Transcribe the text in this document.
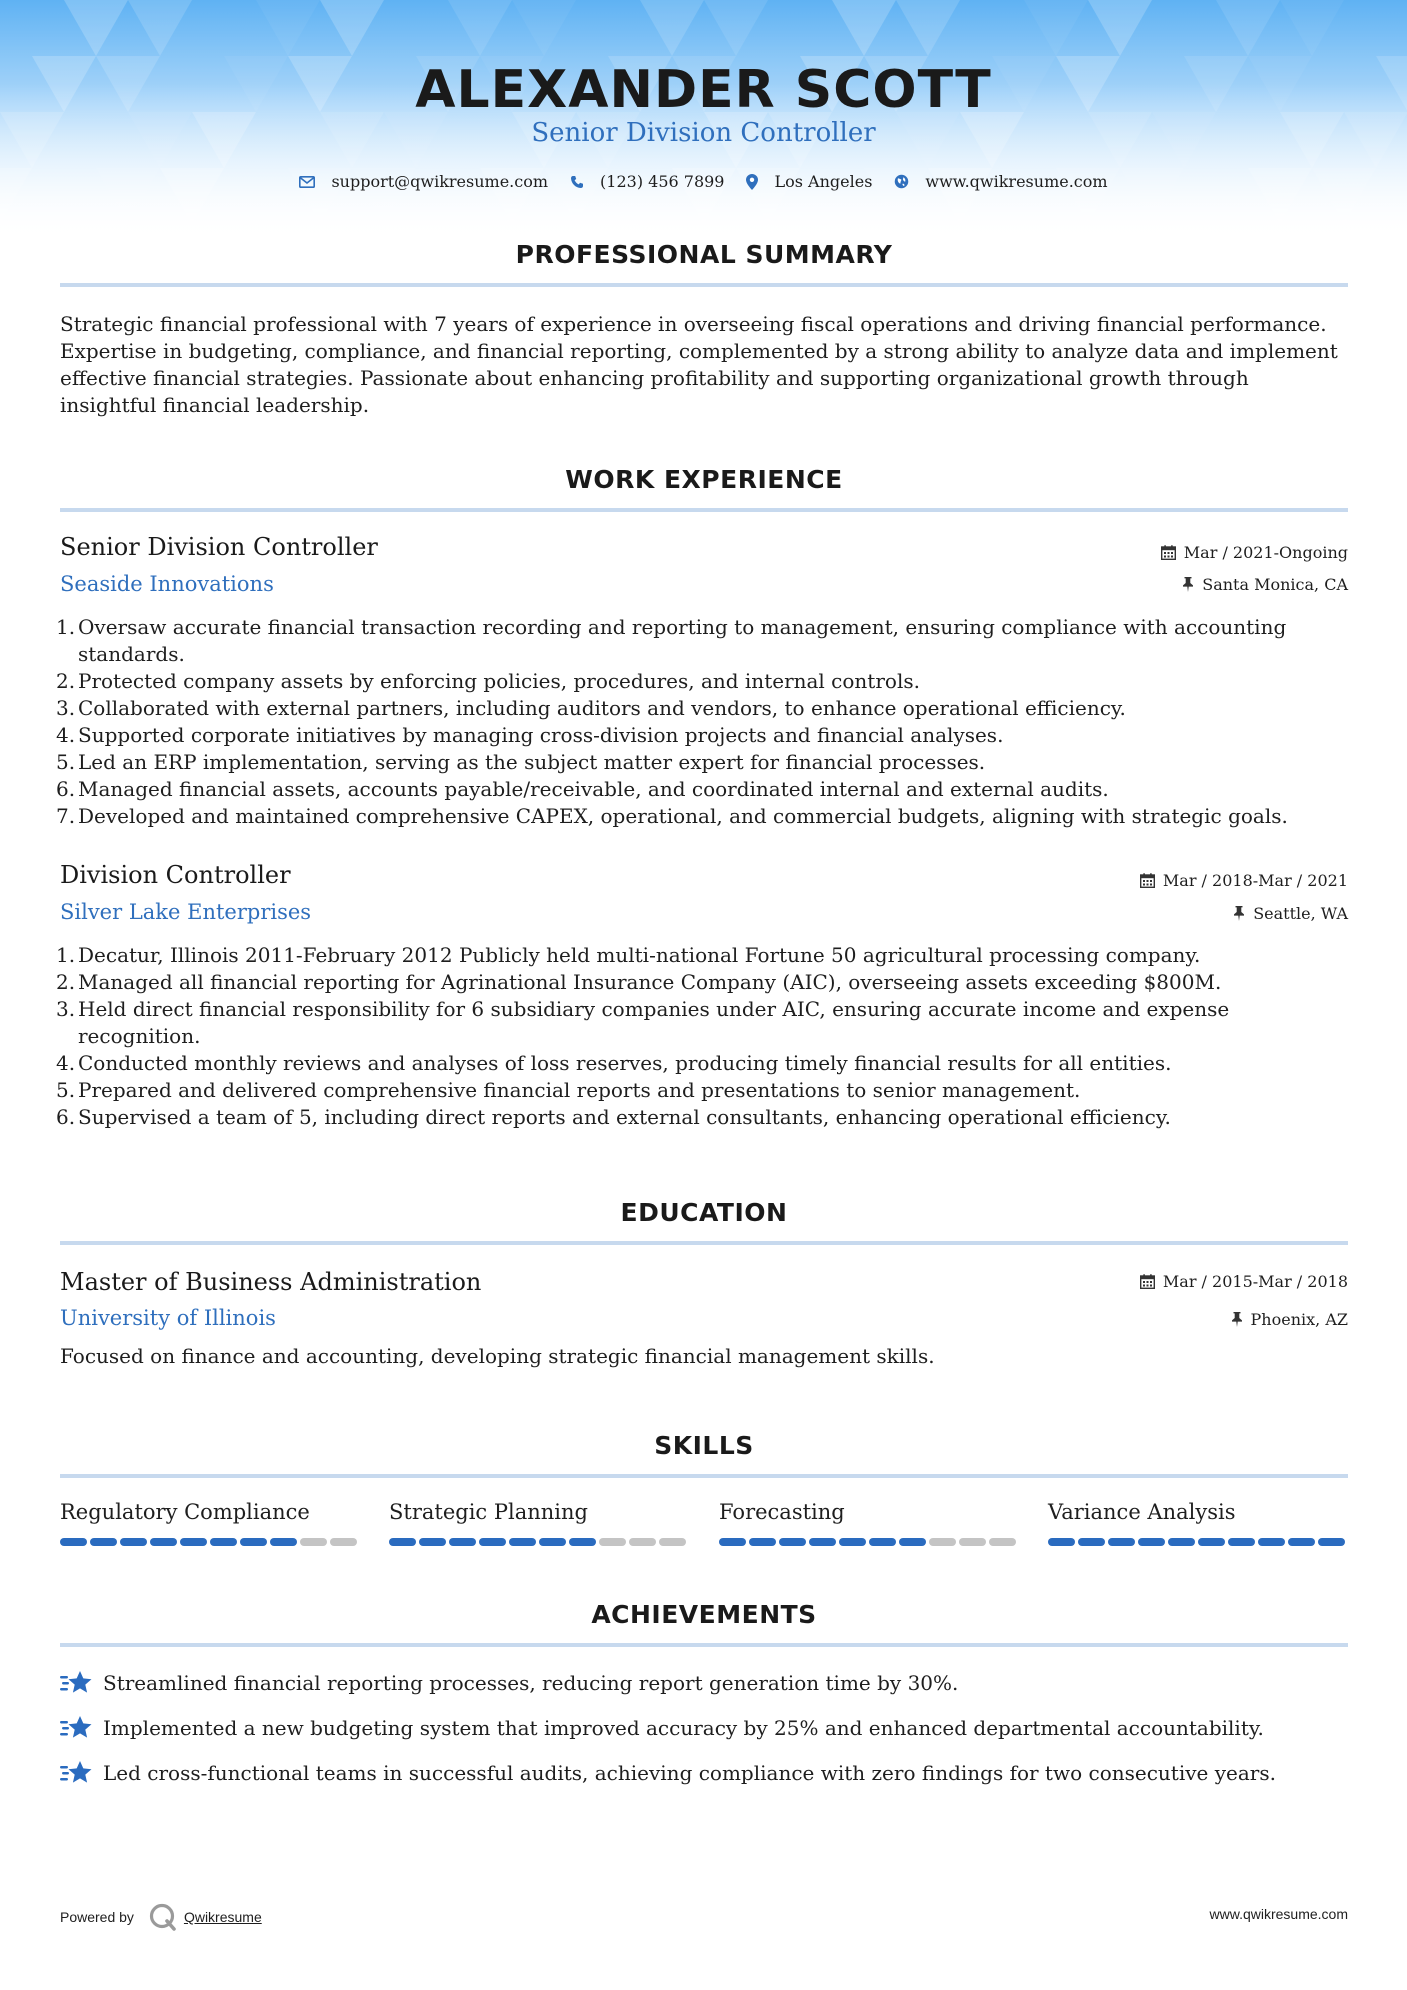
ALEXANDER SCOTT
Senior Division Controller
support@qwikresume.com	(123) 456 7899	Los Angeles	www.qwikresume.com
PROFESSIONAL SUMMARY

Strategic financial professional with 7 years of experience in overseeing fiscal operations and driving financial performance. Expertise in budgeting, compliance, and financial reporting, complemented by a strong ability to analyze data and implement effective financial strategies. Passionate about enhancing profitability and supporting organizational growth through insightful financial leadership.

WORK EXPERIENCE
Senior Division Controller	Mar / 2021-Ongoing
Seaside Innovations	Santa Monica, CA
1. Oversaw accurate financial transaction recording and reporting to management, ensuring compliance with accounting standards.
2. Protected company assets by enforcing policies, procedures, and internal controls.
3. Collaborated with external partners, including auditors and vendors, to enhance operational efficiency.
4. Supported corporate initiatives by managing cross-division projects and financial analyses.
5. Led an ERP implementation, serving as the subject matter expert for financial processes.
6. Managed financial assets, accounts payable/receivable, and coordinated internal and external audits.
7. Developed and maintained comprehensive CAPEX, operational, and commercial budgets, aligning with strategic goals.
Division Controller	Mar / 2018-Mar / 2021
Silver Lake Enterprises	Seattle, WA
1. Decatur, Illinois 2011-February 2012 Publicly held multi-national Fortune 50 agricultural processing company.
2. Managed all financial reporting for Agrinational Insurance Company (AIC), overseeing assets exceeding $800M.
3. Held direct financial responsibility for 6 subsidiary companies under AIC, ensuring accurate income and expense recognition.
4. Conducted monthly reviews and analyses of loss reserves, producing timely financial results for all entities.
5. Prepared and delivered comprehensive financial reports and presentations to senior management.
6. Supervised a team of 5, including direct reports and external consultants, enhancing operational efficiency.
EDUCATION
Master of Business Administration	Mar / 2015-Mar / 2018
University of Illinois	Phoenix, AZ

Focused on finance and accounting, developing strategic financial management skills.

SKILLS
Regulatory Compliance	Strategic Planning	Forecasting	Variance Analysis
ACHIEVEMENTS
Streamlined financial reporting processes, reducing report generation time by 30%.
Implemented a new budgeting system that improved accuracy by 25% and enhanced departmental accountability.
Led cross-functional teams in successful audits, achieving compliance with zero findings for two consecutive years.
Powered by	Qwikresume	www.qwikresume.com
